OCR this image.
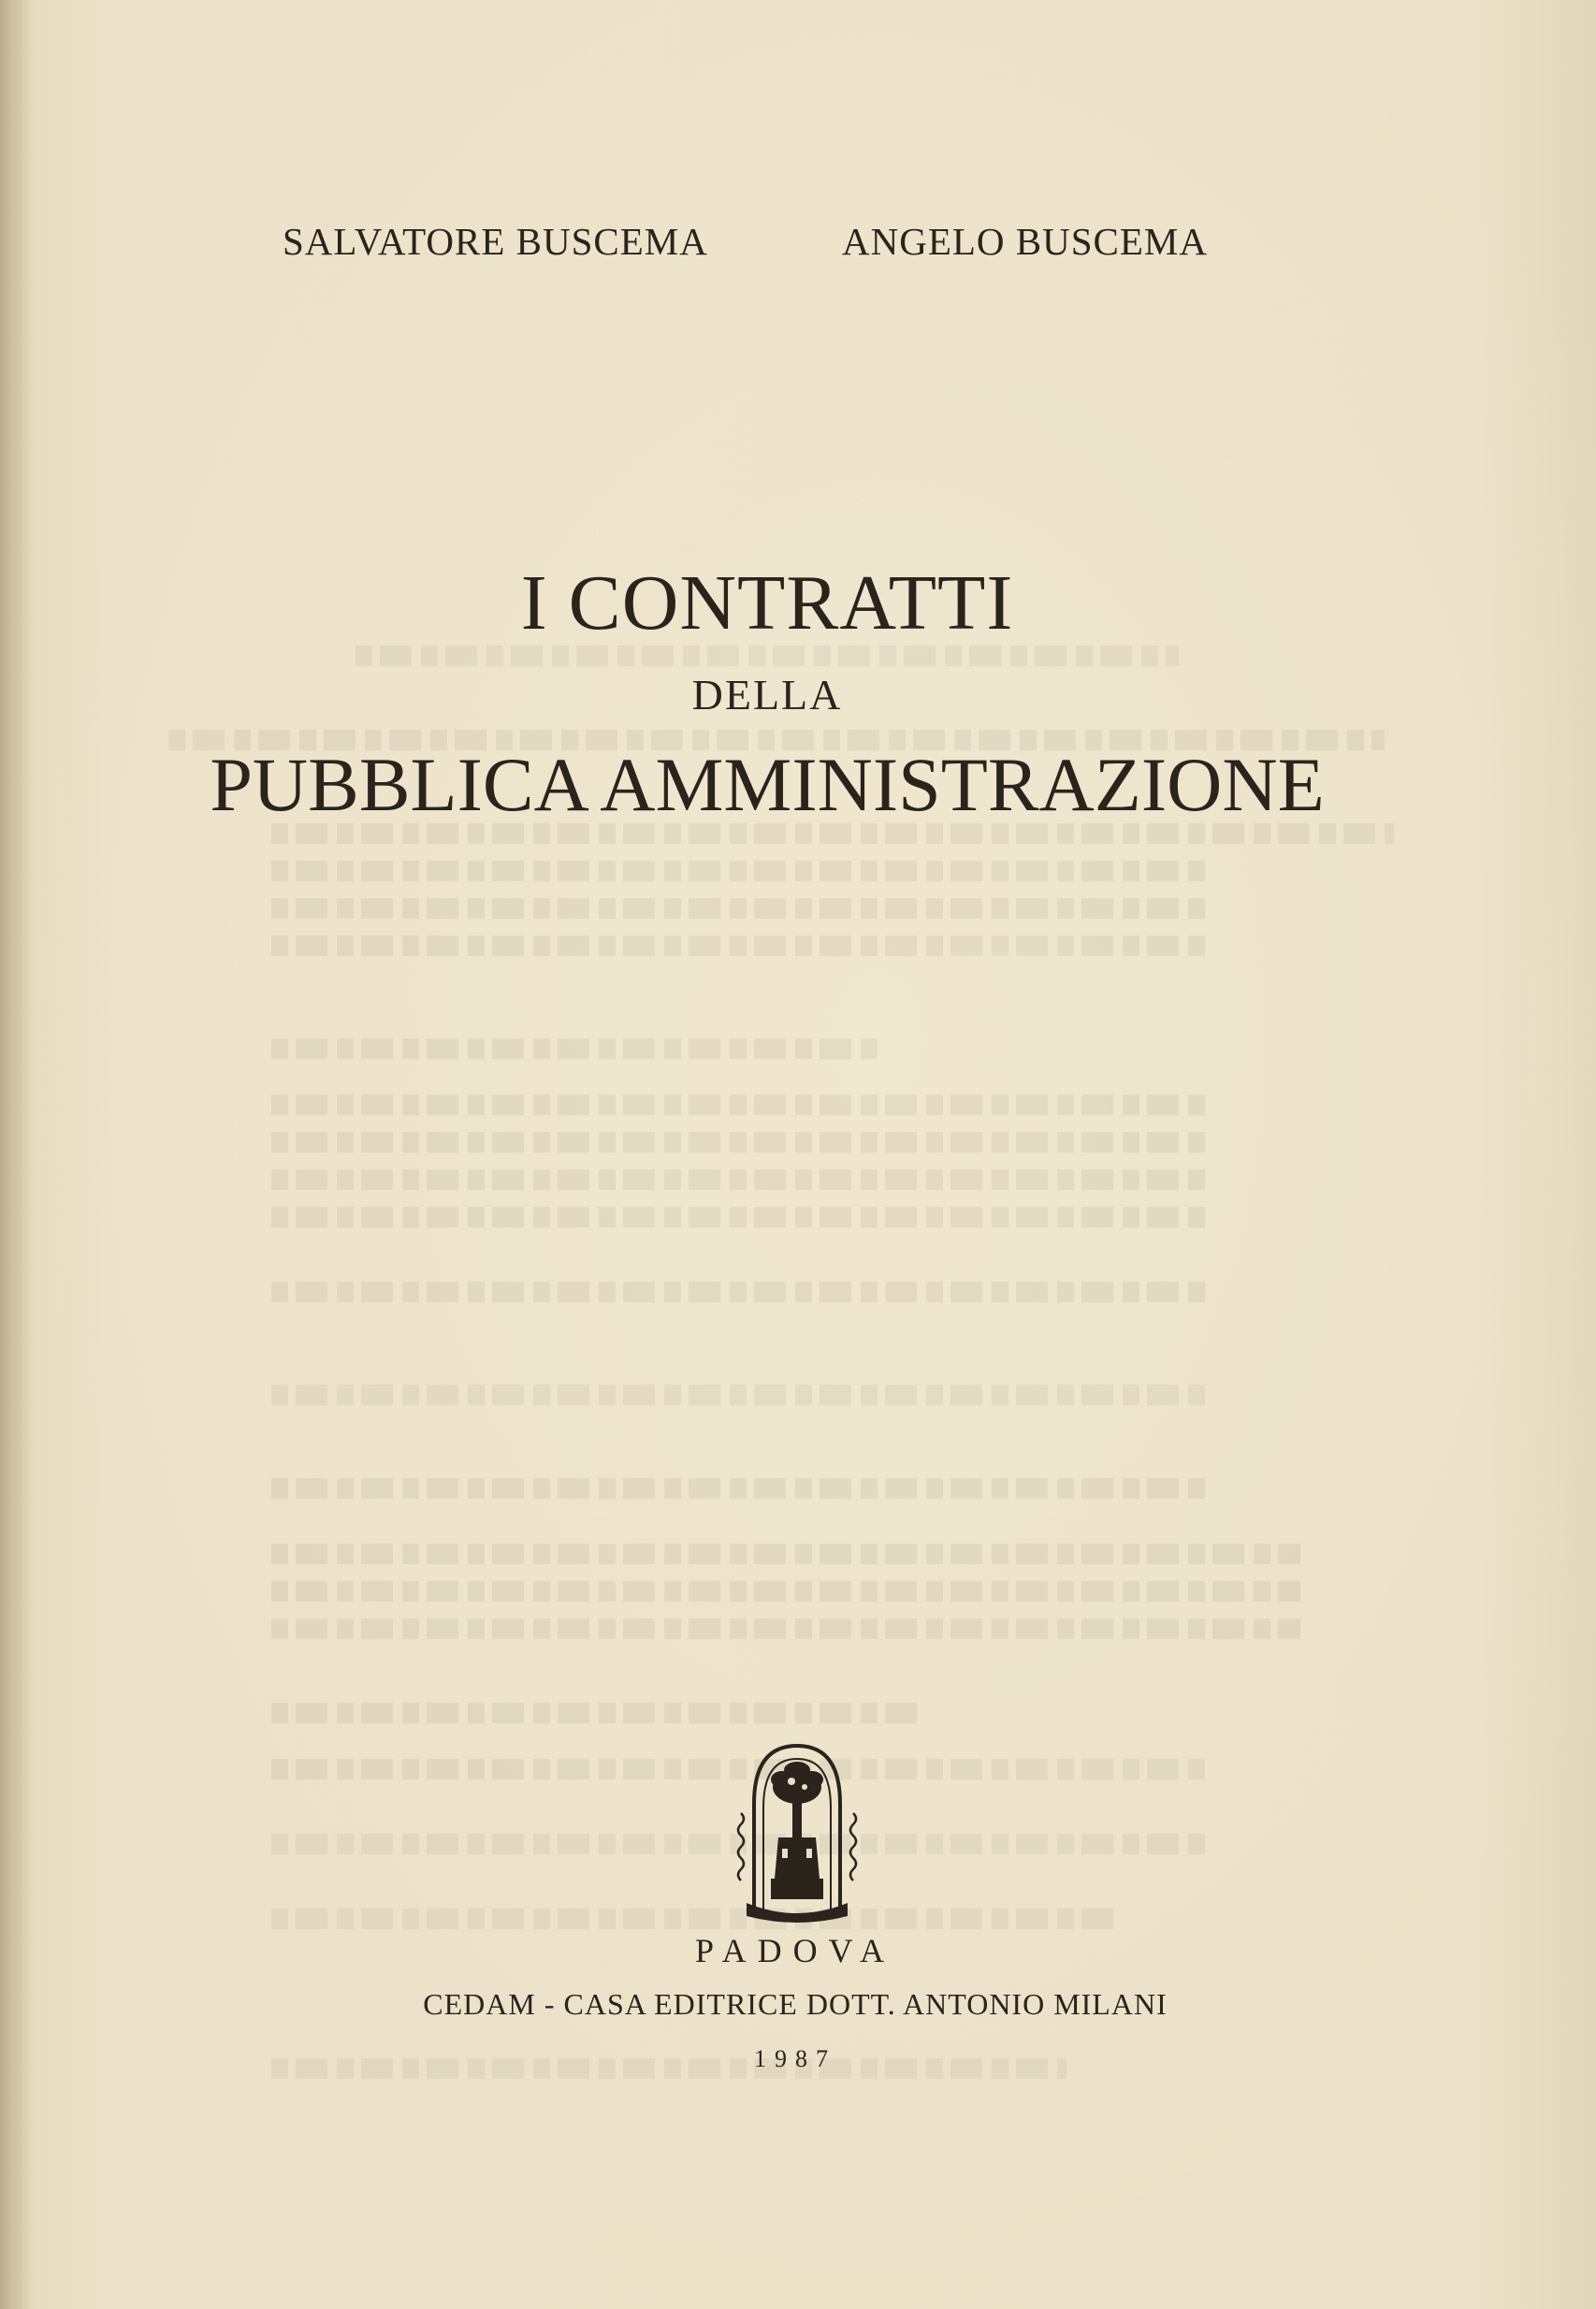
SALVATORE BUSCEMA	ANGELO BUSCEMA
I CONTRATTI
DELLA
PUBBLICA AMMINISTRAZIONE
PADOVA
CEDAM - CASA EDITRICE DOTT. ANTONIO MILANI
1987
